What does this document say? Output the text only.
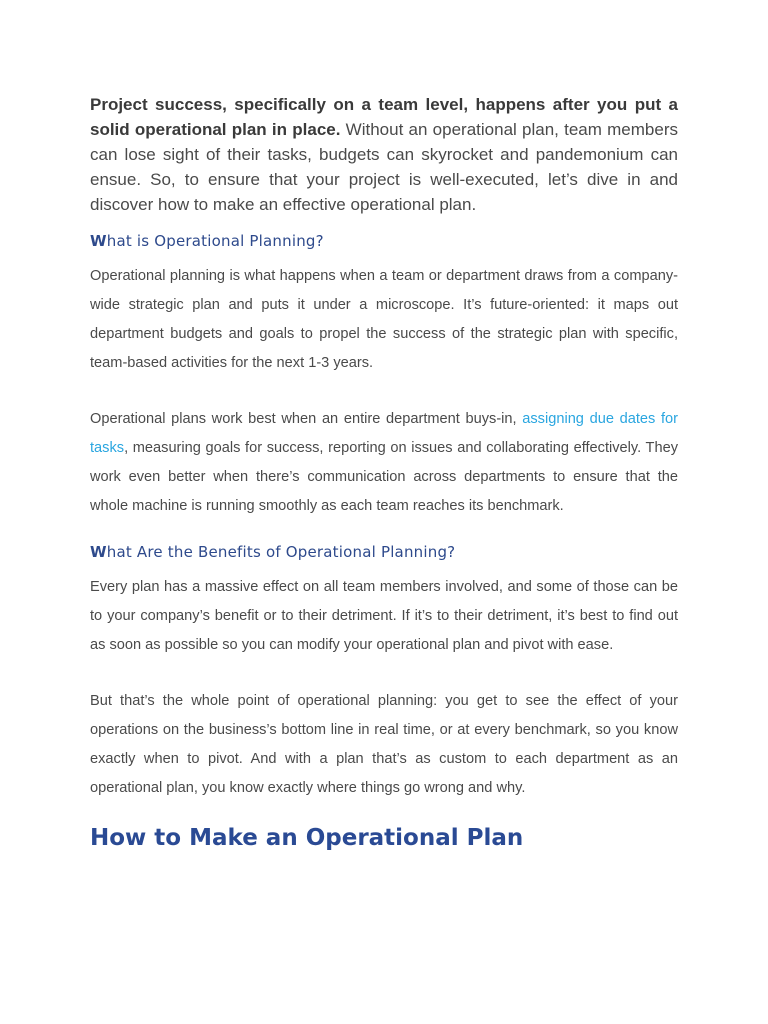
Project success, specifically on a team level, happens after you put a solid operational plan in place. Without an operational plan, team members can lose sight of their tasks, budgets can skyrocket and pandemonium can ensue. So, to ensure that your project is well-executed, let’s dive in and discover how to make an effective operational plan.

What is Operational Planning?

Operational planning is what happens when a team or department draws from a company-wide strategic plan and puts it under a microscope. It’s future-oriented: it maps out department budgets and goals to propel the success of the strategic plan with specific, team-based activities for the next 1-3 years.

Operational plans work best when an entire department buys-in, assigning due dates for tasks, measuring goals for success, reporting on issues and collaborating effectively. They work even better when there’s communication across departments to ensure that the whole machine is running smoothly as each team reaches its benchmark.

What Are the Benefits of Operational Planning?

Every plan has a massive effect on all team members involved, and some of those can be to your company’s benefit or to their detriment. If it’s to their detriment, it’s best to find out as soon as possible so you can modify your operational plan and pivot with ease.

But that’s the whole point of operational planning: you get to see the effect of your operations on the business’s bottom line in real time, or at every benchmark, so you know exactly when to pivot. And with a plan that’s as custom to each department as an operational plan, you know exactly where things go wrong and why.

How to Make an Operational Plan
